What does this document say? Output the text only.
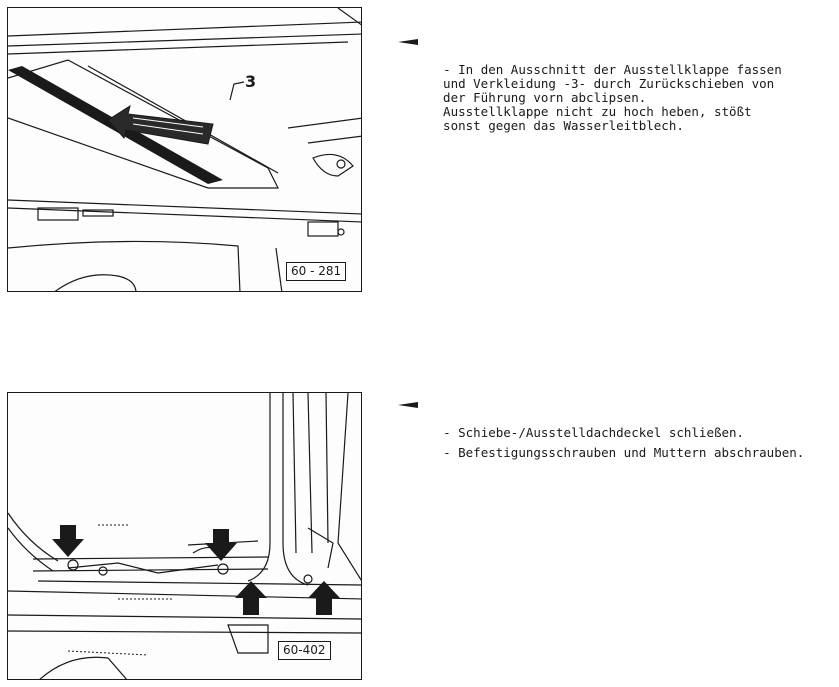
3
60 - 281
60-402

- In den Ausschnitt der Ausstellklappe fassen
und Verkleidung -3- durch Zurückschieben von
der Führung vorn abclipsen.
Ausstellklappe nicht zu hoch heben, stößt
sonst gegen das Wasserleitblech.

- Schiebe-/Ausstelldachdeckel schließen.

- Befestigungsschrauben und Muttern abschrauben.
